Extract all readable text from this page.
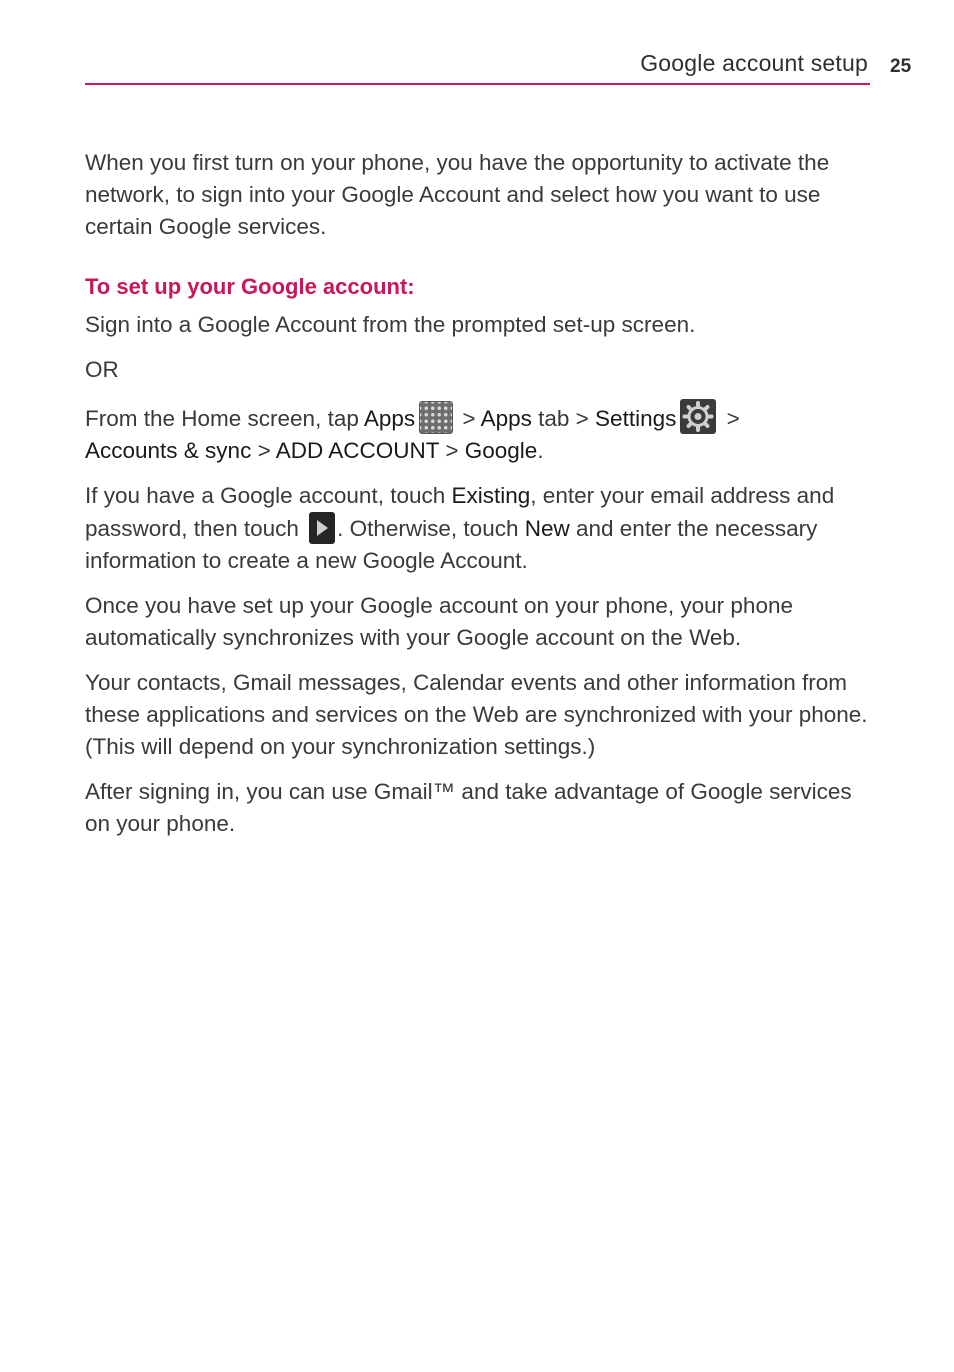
Google account setup 25

When you first turn on your phone, you have the opportunity to activate the network, to sign into your Google Account and select how you want to use certain Google services.

To set up your Google account:

Sign into a Google Account from the prompted set-up screen.

OR

From the Home screen, tap Apps > Apps tab > Settings
>
Accounts & sync > ADD ACCOUNT > Google.

If you have a Google account, touch Existing, enter your email address and password, then touch
. Otherwise, touch New and enter the necessary information to create a new Google Account.

Once you have set up your Google account on your phone, your phone automatically synchronizes with your Google account on the Web.

Your contacts, Gmail messages, Calendar events and other information from these applications and services on the Web are synchronized with your phone. (This will depend on your synchronization settings.)

After signing in, you can use Gmail™ and take advantage of Google services on your phone.
